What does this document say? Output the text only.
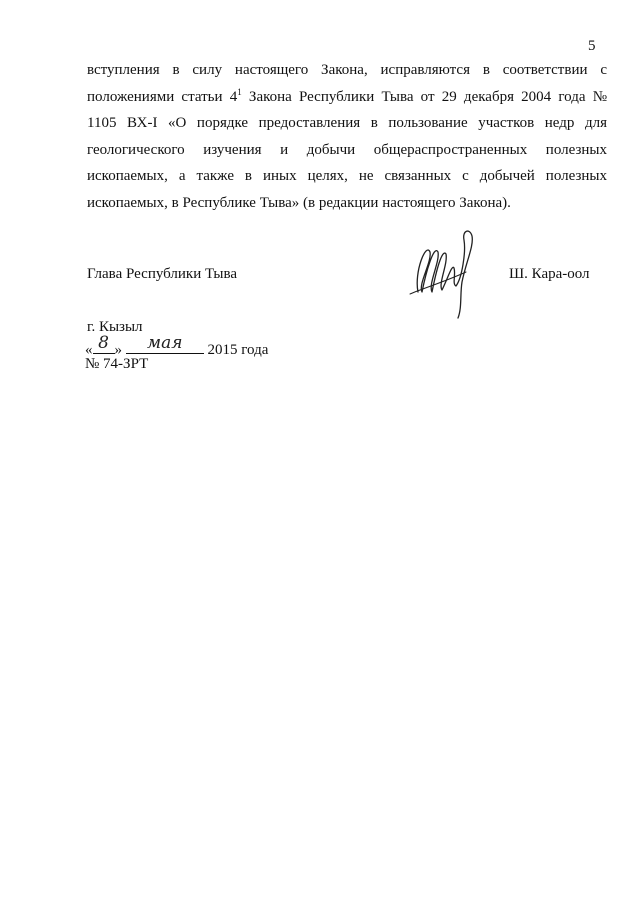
5
вступления в силу настоящего Закона, исправляются в соответствии с
положениями статьи $4^1$ Закона Республики Тыва от 29 декабря 2004 года №
1105 ВХ-I «О порядке предоставления в пользование участков недр для
геологического изучения и добычи общераспространенных полезных
ископаемых, а также в иных целях, не связанных с добычей полезных
ископаемых, в Республике Тыва» (в редакции настоящего Закона).
Глава Республики Тыва	Ш. Кара-оол
г. Кызыл
« 8 »	мая	2015 года
№ 74-ЗРТ
